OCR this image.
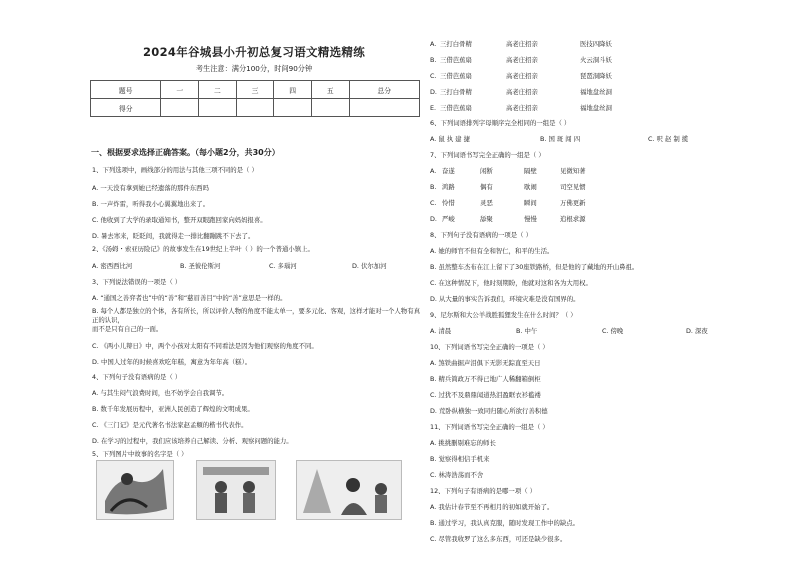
2024年谷城县小升初总复习语文精选精练
考生注意：满分100分，时间90分钟
题号	一	二	三	四	五	总分
得分						
一、根据要求选择正确答案。（每小题2分，共30分）
1、下列选项中，画线部分的用法与其他三项不同的是（ ）
A. 一天没有拿到她已经遗落的那件东西吗
B. 一声炸雷，听得我小心翼翼地出来了。
C. 他收到了大学的录取通知书，整开双眼跑回家向妈妈报喜。
D. 暑去寒来，眨眨间，我就得走一排比翻蹦跳不下去了。
2、《汤姆・索亚历险记》的故事发生在19世纪上半叶（ ）的一个普通小镇上。
A. 密西西比河	B. 圣彼伦斯河	C. 多瑙河	D. 伏尔加河
3、下列说法错误的一项是（ ）
A. “通国之善弈者也”中的“善”和“慈眉善目”中的“善”意思是一样的。
B. 每个人都是独立的个体，各有所长，所以评价人物的角度不能太单一，要多元化、客观，这样才能对一个人物有真正的认识，
而不是只有自己的一面。
C. 《两小儿辩日》中，两个小孩对太阳有不同看法是因为他们观察的角度不同。
D. 中国人过年的时候喜欢吃年糕，寓意为年年高（糕）。
4、下列句子没有语病的是（ ）
A. 与其生闷气浪费时间，也不妨学会自我调节。
B. 数千年发展历程中，亚洲人民创造了辉煌的文明成果。
C. 《三门记》是元代著名书法家赵孟頫的楷书代表作。
D. 在学习的过程中，我们应该培养自己解读、分析、观察问题的能力。
5、下列图片中故事的名字是（ ）
A. 三打白骨精	高老庄招亲	医技四降妖
B. 三借芭蕉扇	高老庄招亲	火云洞斗妖
C. 三借芭蕉扇	高老庄招亲	琵琶洞降妖
D. 三打白骨精	高老庄招亲	福地盘丝洞
E. 三借芭蕉扇	高老庄招亲	福地盘丝洞
6、下列词语排列字母顺序完全相同的一组是（ ）
A. 鼠 执 建 捷	B. 国 斑 闯 四	C. 呎 赵 制 揽
7、下列词语书写完全正确的一组是（ ）
A. 奋遂	闲断	隔壁	见微知著
B. 鸿路	偶有	歇闹	司空见惯
C. 怜惜	灵恶	瞬间	万佛更新
D. 严峻	舔聚	慢慢	追根求源
8、下列句子没有语病的一项是（ ）
A. 她的师官不但有全和智仁，和平的生活。
B. 虽然整车杰布在江上留下了30座铁路桥，但是他的了藏地的开山鼻祖。
C. 在这种情况下，他时刻期盼，他就对这和各为大用权。
D. 从大量的事实告诉我们，环境灾难是没有国界的。
9、尼尔斯和大公羊战胜狐狸发生在什么时间？（ ）
A. 清晨	B. 中午	C. 傍晚	D. 深夜
10、下列词语书写完全正确的一项是（ ）
A. 煞铁曲掘声泪俱下无影无踪直至天日
B. 精兵简政万不得已地广人稀翻箱倒柜
C. 过犹不及鼎鼎闻道热泪盈眶衣衫褴褛
D. 荒卧纵横独一致同归随心所欲行善积德
11、下列词语书写完全正确的一组是（ ）
A. 挑挑删剔难忘的师长
B. 觉察得相信手机来
C. 林涛浩荡而不舍
12、下列句子有语病的是哪一项（ ）
A. 我估计春节至不再相月的初如就开始了。
B. 通过学习，我认真克服，随时发现工作中的缺点。
C. 尽管我收罗了这么多东西，可还是缺少很多。
